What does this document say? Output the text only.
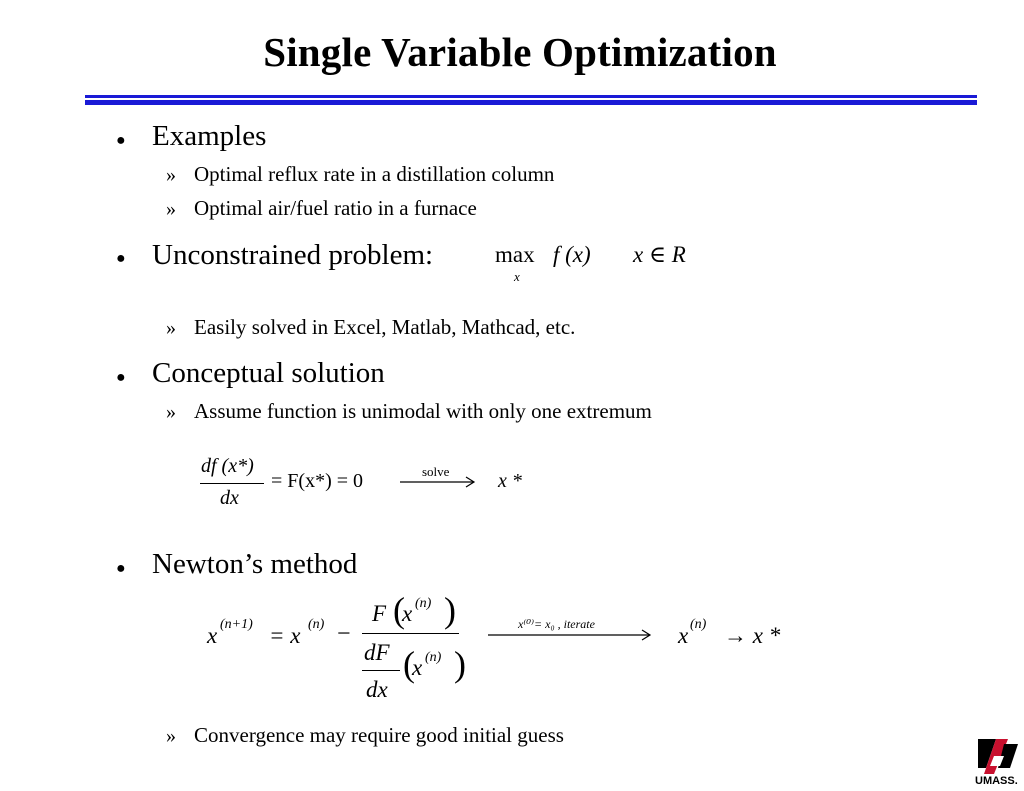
Single Variable Optimization
● Examples
» Optimal reflux rate in a distillation column
» Optimal air/fuel ratio in a furnace
● Unconstrained problem:	max
x
f (x) x ∈ R
» Easily solved in Excel, Matlab, Mathcad, etc.
● Conceptual solution
» Assume function is unimodal with only one extremum
df (x*)
dx
= F(x*) = 0	solve x *
● Newton’s method
x (n+1) = x (n) −
F (
x (n) )
dF
dx
(
x (n) )
x⁽⁰⁾= x₀ , iterate	x (n) → x *
» Convergence may require good initial guess
UMASS.
